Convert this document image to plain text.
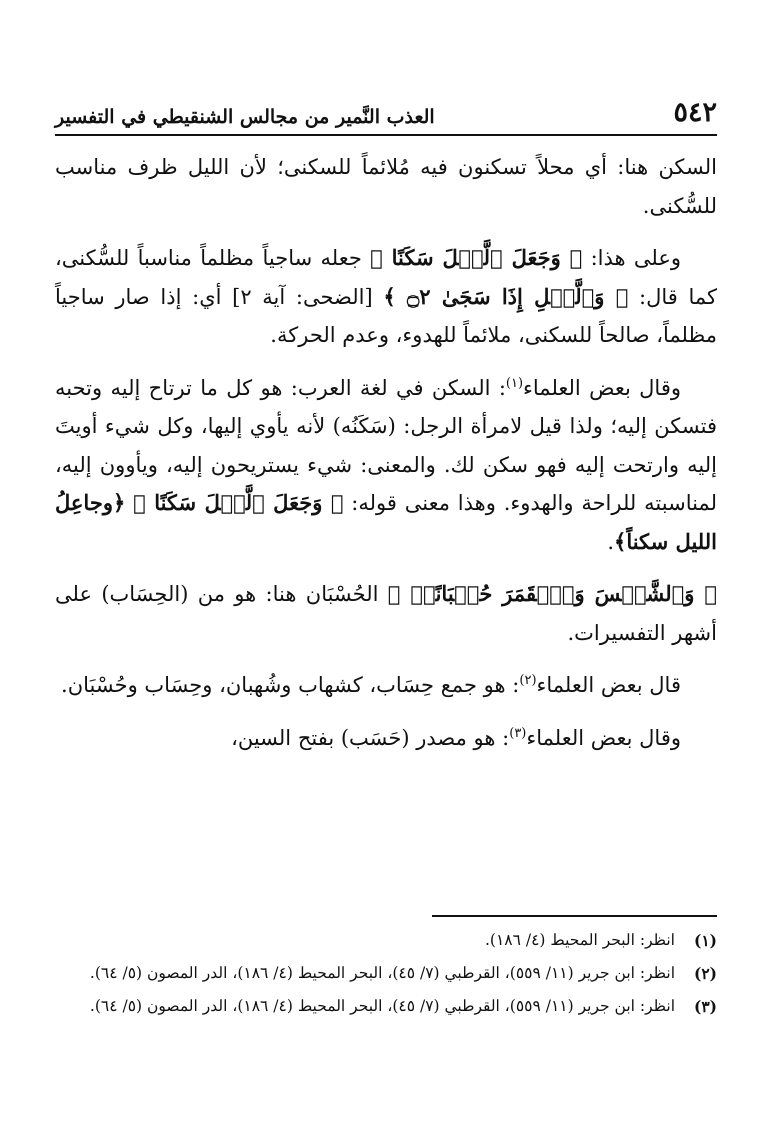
٥٤٢
العذب النَّمير من مجالس الشنقيطي في التفسير

السكن هنا: أي محلاً تسكنون فيه مُلائماً للسكنى؛ لأن الليل ظرف مناسب للسُّكنى.

وعلى هذا: ﴿ وَجَعَلَ ٱلَّيۡلَ سَكَنًا ﴾ جعله ساجياً مظلماً مناسباً للسُّكنى، كما قال: ﴿ وَٱلَّيۡلِ إِذَا سَجَىٰ ۝٢ ﴾ [الضحى: آية ٢] أي: إذا صار ساجياً مظلماً، صالحاً للسكنى، ملائماً للهدوء، وعدم الحركة.

وقال بعض العلماء$^{(١)}$: السكن في لغة العرب: هو كل ما ترتاح إليه وتحبه فتسكن إليه؛ ولذا قيل لامرأة الرجل: (سَكَنُه) لأنه يأوي إليها، وكل شيء أويتَ إليه وارتحت إليه فهو سكن لك. والمعنى: شيء يستريحون إليه، ويأوون إليه، لمناسبته للراحة والهدوء. وهذا معنى قوله: ﴿ وَجَعَلَ ٱلَّيۡلَ سَكَنًا ﴾ ﴿وجاعِلُ الليل سكناً﴾.

﴿ وَٱلشَّمۡسَ وَٱلۡقَمَرَ حُسۡبَانًاۚ ﴾ الحُسْبَان هنا: هو من (الحِسَاب) على أشهر التفسيرات.

قال بعض العلماء$^{(٢)}$: هو جمع حِسَاب، كشهاب وشُهبان، وحِسَاب وحُسْبَان.

وقال بعض العلماء$^{(٣)}$: هو مصدر (حَسَب) بفتح السين،

(١)
انظر: البحر المحيط (٤/ ١٨٦).
(٢)
انظر: ابن جرير (١١/ ٥٥٩)، القرطبي (٧/ ٤٥)، البحر المحيط (٤/ ١٨٦)، الدر المصون (٥/ ٦٤).
(٣)
انظر: ابن جرير (١١/ ٥٥٩)، القرطبي (٧/ ٤٥)، البحر المحيط (٤/ ١٨٦)، الدر المصون (٥/ ٦٤).
